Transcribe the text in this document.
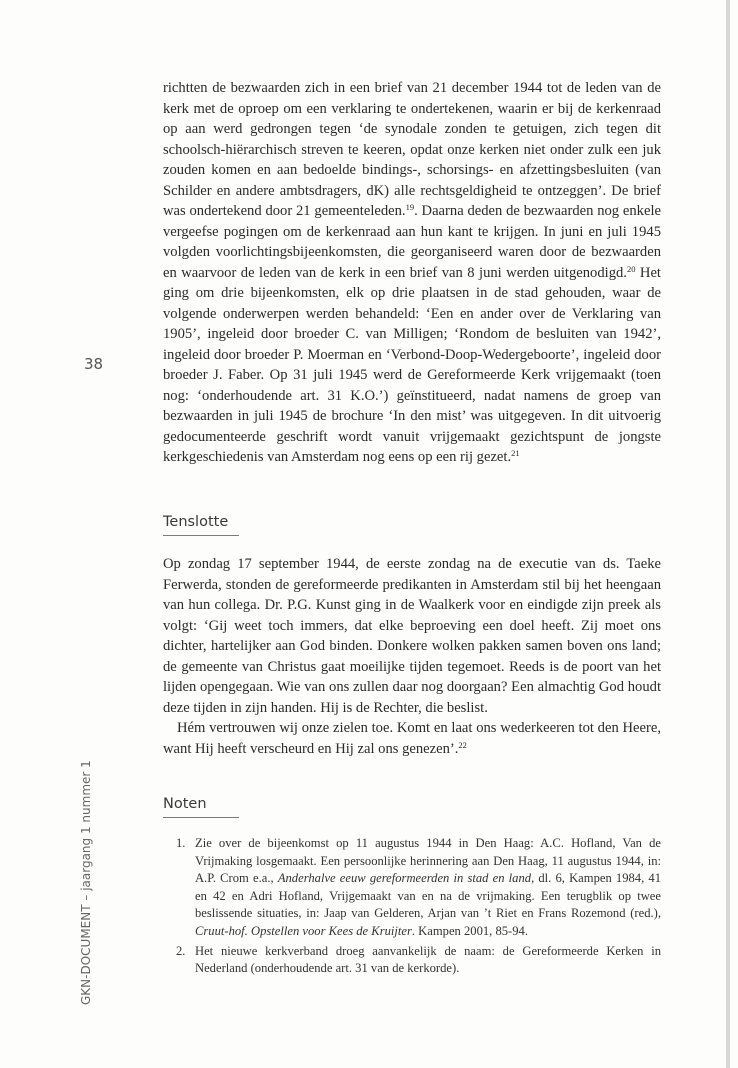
38
GKN-DOCUMENT – jaargang 1 nummer 1

richtten de bezwaarden zich in een brief van 21 december 1944 tot de leden van de kerk met de oproep om een verklaring te ondertekenen, waarin er bij de kerkenraad op aan werd gedrongen tegen ‘de synodale zonden te getuigen, zich tegen dit schoolsch-hiërarchisch streven te keeren, opdat onze kerken niet onder zulk een juk zouden komen en aan bedoelde bindings-, schorsings- en afzettingsbesluiten (van Schilder en andere ambtsdragers, dK) alle rechtsgeldigheid te ontzeggen’. De brief was ondertekend door 21 gemeenteleden.$^{19}$. Daarna deden de bezwaarden nog enkele vergeefse pogingen om de kerkenraad aan hun kant te krijgen. In juni en juli 1945 volgden voorlichtingsbijeenkomsten, die georganiseerd waren door de bezwaarden en waarvoor de leden van de kerk in een brief van 8 juni werden uitgenodigd.$^{20}$ Het ging om drie bijeenkomsten, elk op drie plaatsen in de stad gehouden, waar de volgende onderwerpen werden behandeld: ‘Een en ander over de Verklaring van 1905’, ingeleid door broeder C. van Milligen; ‘Rondom de besluiten van 1942’, ingeleid door broeder P. Moerman en ‘Verbond-Doop-Wedergeboorte’, ingeleid door broeder J. Faber. Op 31 juli 1945 werd de Gereformeerde Kerk vrijgemaakt (toen nog: ‘onderhoudende art. 31 K.O.’) geïnstitueerd, nadat namens de groep van bezwaarden in juli 1945 de brochure ‘In den mist’ was uitgegeven. In dit uitvoerig gedocumenteerde geschrift wordt vanuit vrijgemaakt gezichtspunt de jongste kerkgeschiedenis van Amsterdam nog eens op een rij gezet.$^{21}$

Tenslotte

Op zondag 17 september 1944, de eerste zondag na de executie van ds. Taeke Ferwerda, stonden de gereformeerde predikanten in Amsterdam stil bij het heengaan van hun collega. Dr. P.G. Kunst ging in de Waalkerk voor en eindigde zijn preek als volgt: ‘Gij weet toch immers, dat elke beproeving een doel heeft. Zij moet ons dichter, hartelijker aan God binden. Donkere wolken pakken samen boven ons land; de gemeente van Christus gaat moeilijke tijden tegemoet. Reeds is de poort van het lijden opengegaan. Wie van ons zullen daar nog doorgaan? Een almachtig God houdt deze tijden in zijn handen. Hij is de Rechter, die beslist.

Hém vertrouwen wij onze zielen toe. Komt en laat ons wederkeeren tot den Heere, want Hij heeft verscheurd en Hij zal ons genezen’.$^{22}$

Noten
1. Zie over de bijeenkomst op 11 augustus 1944 in Den Haag: A.C. Hofland, Van de Vrijmaking losgemaakt. Een persoonlijke herinnering aan Den Haag, 11 augustus 1944, in: A.P. Crom e.a., Anderhalve eeuw gereformeerden in stad en land, dl. 6, Kampen 1984, 41 en 42 en Adri Hofland, Vrijgemaakt van en na de vrijmaking. Een terugblik op twee beslissende situaties, in: Jaap van Gelderen, Arjan van ’t Riet en Frans Rozemond (red.), Cruut-hof. Opstellen voor Kees de Kruijter. Kampen 2001, 85-94.
2. Het nieuwe kerkverband droeg aanvankelijk de naam: de Gereformeerde Kerken in Nederland (onderhoudende art. 31 van de kerkorde).
